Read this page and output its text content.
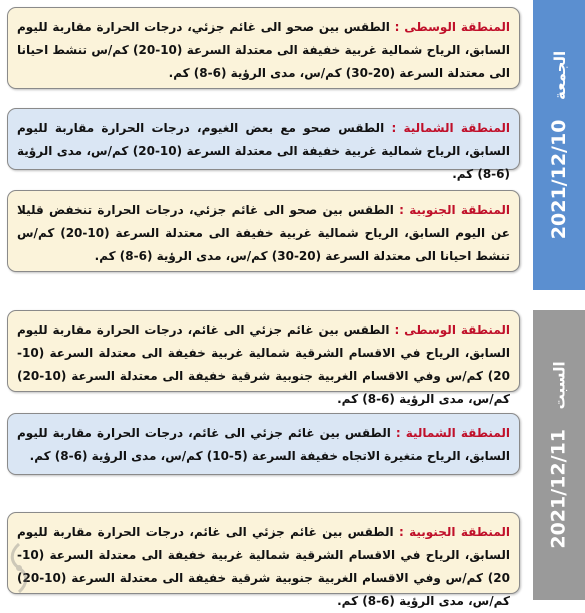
2021/12/10 الجمعة
2021/12/11 السبت
المنطقة الوسطى : الطقس بين صحو الى غائم جزئي، درجات الحرارة مقاربة لليوم السابق، الرياح شمالية غربية خفيفة الى معتدلة السرعة (10-20) كم/س تنشط احيانا الى معتدلة السرعة (20-30) كم/س، مدى الرؤية (6-8) كم.
المنطقة الشمالية : الطقس صحو مع بعض الغيوم، درجات الحرارة مقاربة لليوم السابق، الرياح شمالية غربية خفيفة الى معتدلة السرعة (10-20) كم/س، مدى الرؤية (6-8) كم.
المنطقة الجنوبية : الطقس بين صحو الى غائم جزئي، درجات الحرارة تنخفض قليلا عن اليوم السابق، الرياح شمالية غربية خفيفة الى معتدلة السرعة (10-20) كم/س تنشط احيانا الى معتدلة السرعة (20-30) كم/س، مدى الرؤية (6-8) كم.
المنطقة الوسطى : الطقس بين غائم جزئي الى غائم، درجات الحرارة مقاربة لليوم السابق، الرياح في الاقسام الشرقية شمالية غربية خفيفة الى معتدلة السرعة (10-20) كم/س وفي الاقسام الغربية جنوبية شرقية خفيفة الى معتدلة السرعة (10-20) كم/س، مدى الرؤية (6-8) كم.
المنطقة الشمالية : الطقس بين غائم جزئي الى غائم، درجات الحرارة مقاربة لليوم السابق، الرياح متغيرة الاتجاه خفيفة السرعة (5-10) كم/س، مدى الرؤية (6-8) كم.
المنطقة الجنوبية : الطقس بين غائم جزئي الى غائم، درجات الحرارة مقاربة لليوم السابق، الرياح في الاقسام الشرقية شمالية غربية خفيفة الى معتدلة السرعة (10-20) كم/س وفي الاقسام الغربية جنوبية شرقية خفيفة الى معتدلة السرعة (10-20) كم/س، مدى الرؤية (6-8) كم.
